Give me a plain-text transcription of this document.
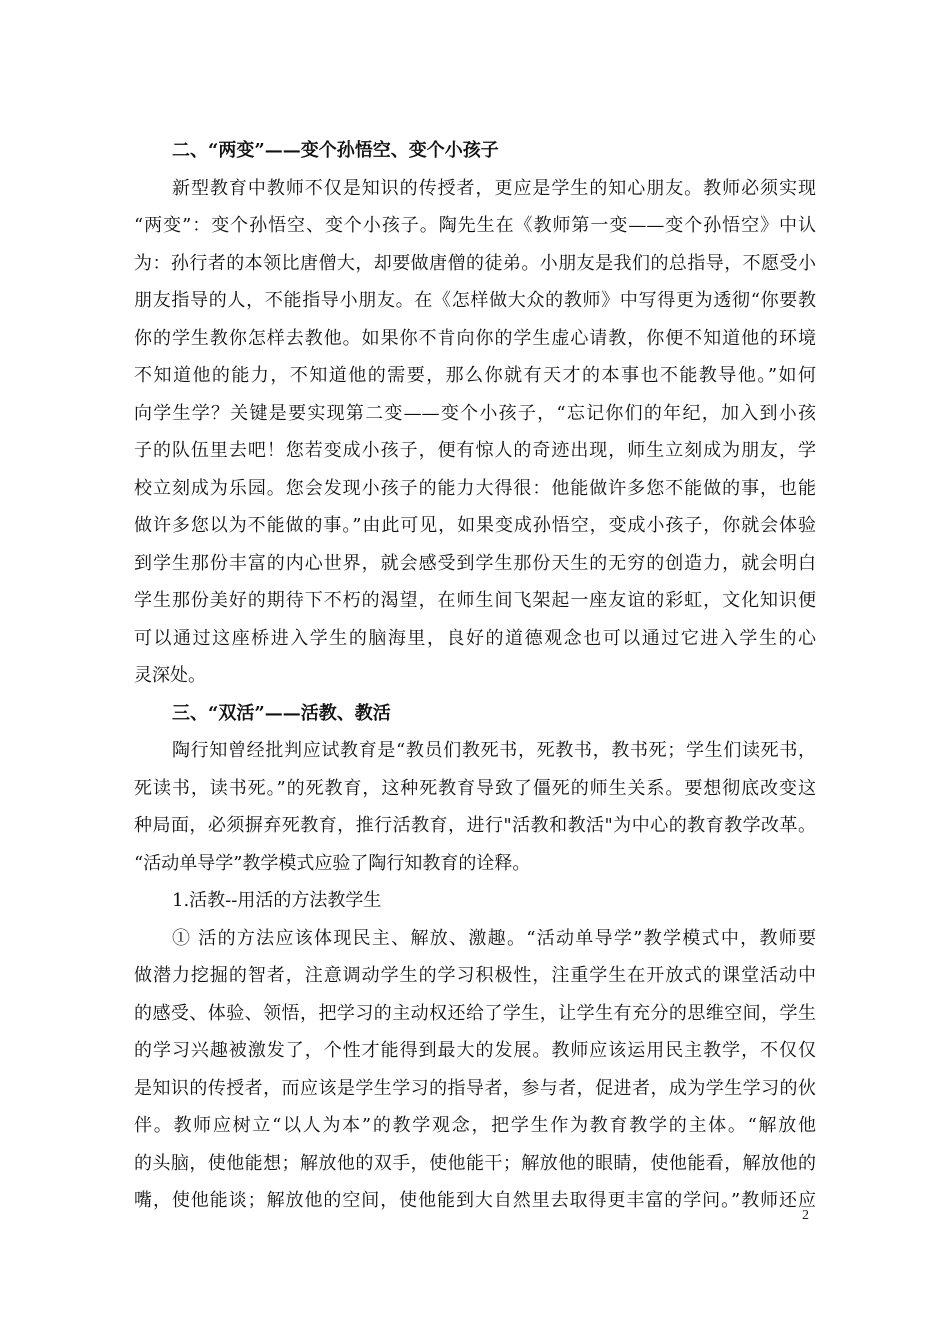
二、“两变”——变个孙悟空、变个小孩子
新型教育中教师不仅是知识的传授者，更应是学生的知心朋友。教师必须实现
“两变”：变个孙悟空、变个小孩子。陶先生在《教师第一变——变个孙悟空》中认
为：孙行者的本领比唐僧大，却要做唐僧的徒弟。小朋友是我们的总指导，不愿受小
朋友指导的人，不能指导小朋友。在《怎样做大众的教师》中写得更为透彻“你要教
你的学生教你怎样去教他。如果你不肯向你的学生虚心请教，你便不知道他的环境
不知道他的能力，不知道他的需要，那么你就有天才的本事也不能教导他。”如何
向学生学？关键是要实现第二变——变个小孩子，“忘记你们的年纪，加入到小孩
子的队伍里去吧！您若变成小孩子，便有惊人的奇迹出现，师生立刻成为朋友，学
校立刻成为乐园。您会发现小孩子的能力大得很：他能做许多您不能做的事，也能
做许多您以为不能做的事。”由此可见，如果变成孙悟空，变成小孩子，你就会体验
到学生那份丰富的内心世界，就会感受到学生那份天生的无穷的创造力，就会明白
学生那份美好的期待下不朽的渴望，在师生间飞架起一座友谊的彩虹，文化知识便
可以通过这座桥进入学生的脑海里，良好的道德观念也可以通过它进入学生的心
灵深处。
三、“双活”——活教、教活
陶行知曾经批判应试教育是“教员们教死书，死教书，教书死；学生们读死书，
死读书，读书死。”的死教育，这种死教育导致了僵死的师生关系。要想彻底改变这
种局面，必须摒弃死教育，推行活教育，进行"活教和教活"为中心的教育教学改革。
“活动单导学”教学模式应验了陶行知教育的诠释。
1.活教--用活的方法教学生
① 活的方法应该体现民主、解放、激趣。“活动单导学”教学模式中，教师要
做潜力挖掘的智者，注意调动学生的学习积极性，注重学生在开放式的课堂活动中
的感受、体验、领悟，把学习的主动权还给了学生，让学生有充分的思维空间，学生
的学习兴趣被激发了，个性才能得到最大的发展。教师应该运用民主教学，不仅仅
是知识的传授者，而应该是学生学习的指导者，参与者，促进者，成为学生学习的伙
伴。教师应树立“以人为本”的教学观念，把学生作为教育教学的主体。“解放他
的头脑，使他能想；解放他的双手，使他能干；解放他的眼睛，使他能看，解放他的
嘴，使他能谈；解放他的空间，使他能到大自然里去取得更丰富的学问。”教师还应
2
